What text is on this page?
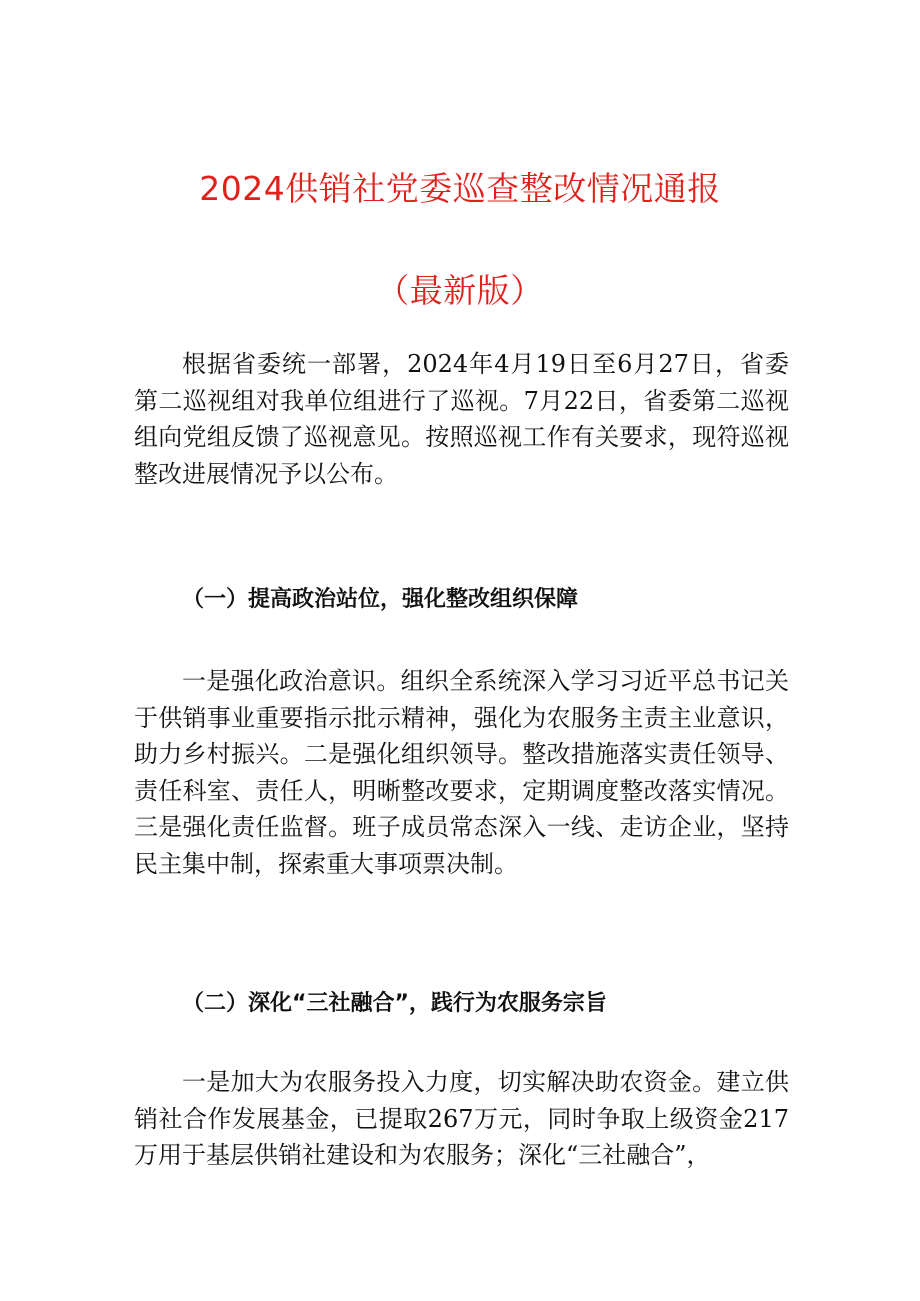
2024供销社党委巡查整改情况通报
（最新版）

根据省委统一部署，2024年4月19日至6月27日，省委第二巡视组对我单位组进行了巡视。7月22日，省委第二巡视组向党组反馈了巡视意见。按照巡视工作有关要求，现符巡视整改进展情况予以公布。

（一）提高政治站位，强化整改组织保障

一是强化政治意识。组织全系统深入学习习近平总书记关于供销事业重要指示批示精神，强化为农服务主责主业意识，助力乡村振兴。二是强化组织领导。整改措施落实责任领导、责任科室、责任人，明晰整改要求，定期调度整改落实情况。三是强化责任监督。班子成员常态深入一线、走访企业，坚持民主集中制，探索重大事项票决制。

（二）深化“三社融合”，践行为农服务宗旨

一是加大为农服务投入力度，切实解决助农资金。建立供销社合作发展基金，已提取267万元，同时争取上级资金217万用于基层供销社建设和为农服务；深化“三社融合”，
